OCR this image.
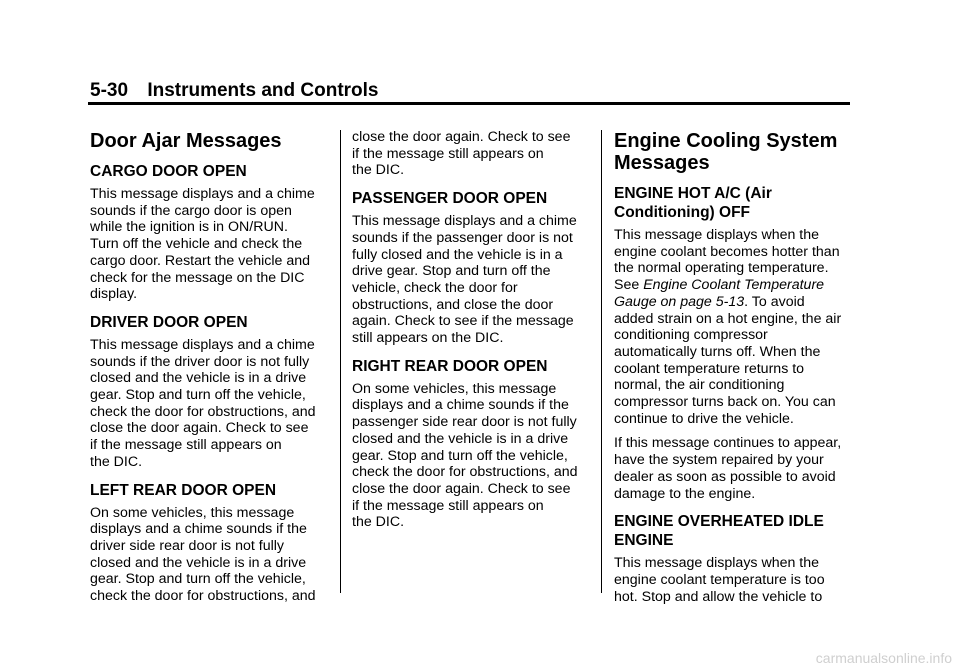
5-30 Instruments and Controls
Door Ajar Messages
CARGO DOOR OPEN

This message displays and a chime
sounds if the cargo door is open
while the ignition is in ON/RUN.
Turn off the vehicle and check the
cargo door. Restart the vehicle and
check for the message on the DIC
display.

DRIVER DOOR OPEN

This message displays and a chime
sounds if the driver door is not fully
closed and the vehicle is in a drive
gear. Stop and turn off the vehicle,
check the door for obstructions, and
close the door again. Check to see
if the message still appears on
the DIC.

LEFT REAR DOOR OPEN

On some vehicles, this message
displays and a chime sounds if the
driver side rear door is not fully
closed and the vehicle is in a drive
gear. Stop and turn off the vehicle,
check the door for obstructions, and

close the door again. Check to see
if the message still appears on
the DIC.

PASSENGER DOOR OPEN

This message displays and a chime
sounds if the passenger door is not
fully closed and the vehicle is in a
drive gear. Stop and turn off the
vehicle, check the door for
obstructions, and close the door
again. Check to see if the message
still appears on the DIC.

RIGHT REAR DOOR OPEN

On some vehicles, this message
displays and a chime sounds if the
passenger side rear door is not fully
closed and the vehicle is in a drive
gear. Stop and turn off the vehicle,
check the door for obstructions, and
close the door again. Check to see
if the message still appears on
the DIC.

Engine Cooling System
Messages
ENGINE HOT A/C (Air
Conditioning) OFF

This message displays when the
engine coolant becomes hotter than
the normal operating temperature.
See Engine Coolant Temperature
Gauge on page 5-13. To avoid
added strain on a hot engine, the air
conditioning compressor
automatically turns off. When the
coolant temperature returns to
normal, the air conditioning
compressor turns back on. You can
continue to drive the vehicle.

If this message continues to appear,
have the system repaired by your
dealer as soon as possible to avoid
damage to the engine.

ENGINE OVERHEATED IDLE
ENGINE

This message displays when the
engine coolant temperature is too
hot. Stop and allow the vehicle to

carmanualsonline.info
